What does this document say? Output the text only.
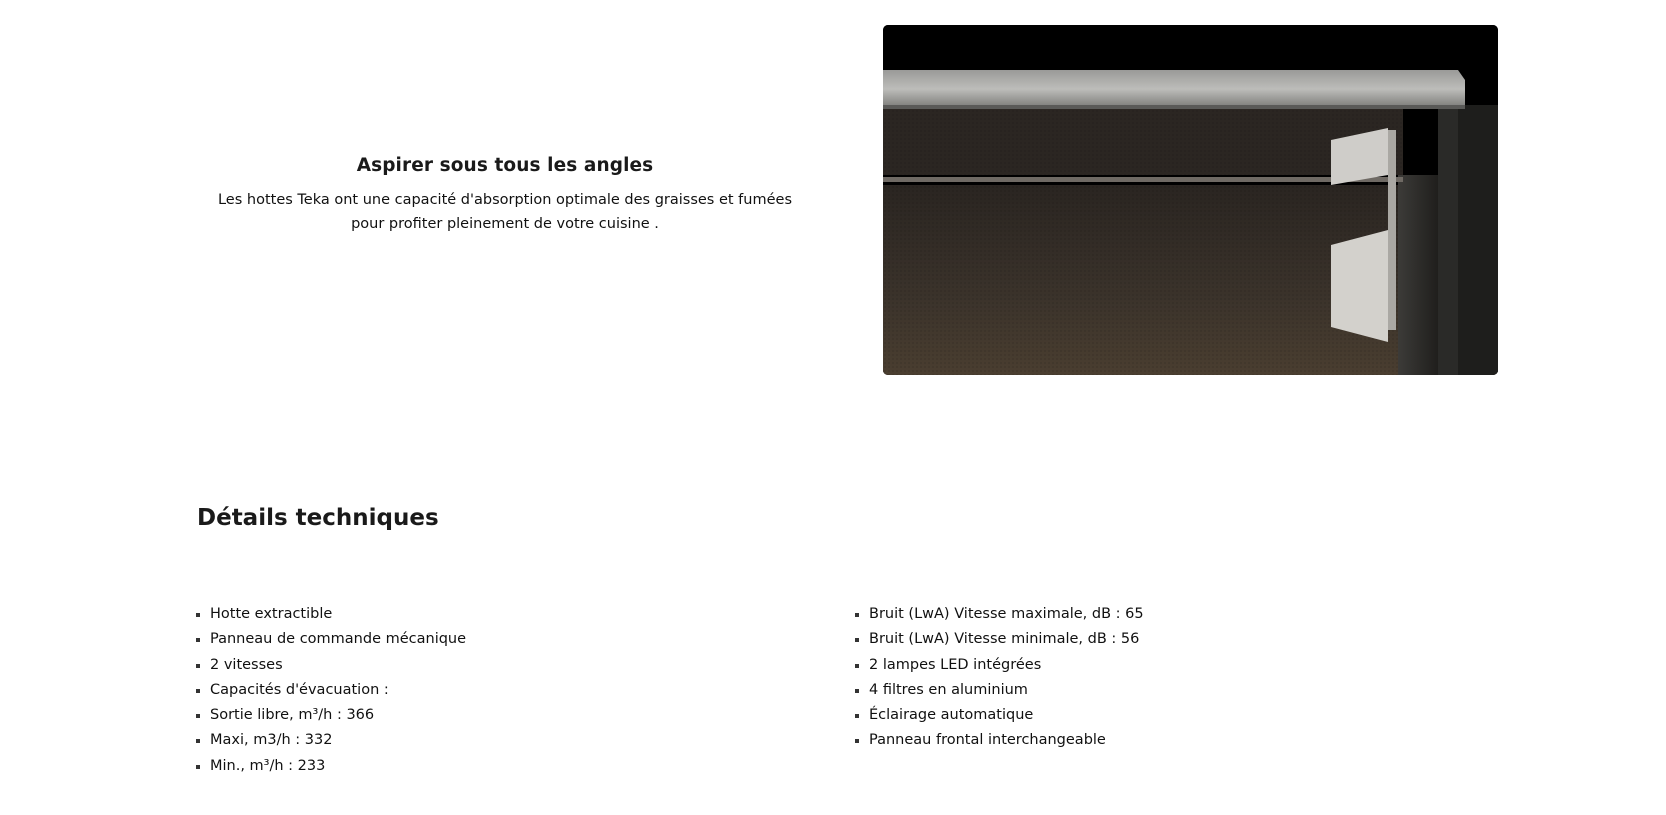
Aspirer sous tous les angles

Les hottes Teka ont une capacité d'absorption optimale des graisses et fumées pour profiter pleinement de votre cuisine .

Détails techniques
Hotte extractible
Panneau de commande mécanique
2 vitesses
Capacités d'évacuation :
Sortie libre, m³/h : 366
Maxi, m3/h : 332
Min., m³/h : 233
Bruit (LwA) Vitesse maximale, dB : 65
Bruit (LwA) Vitesse minimale, dB : 56
2 lampes LED intégrées
4 filtres en aluminium
Éclairage automatique
Panneau frontal interchangeable
